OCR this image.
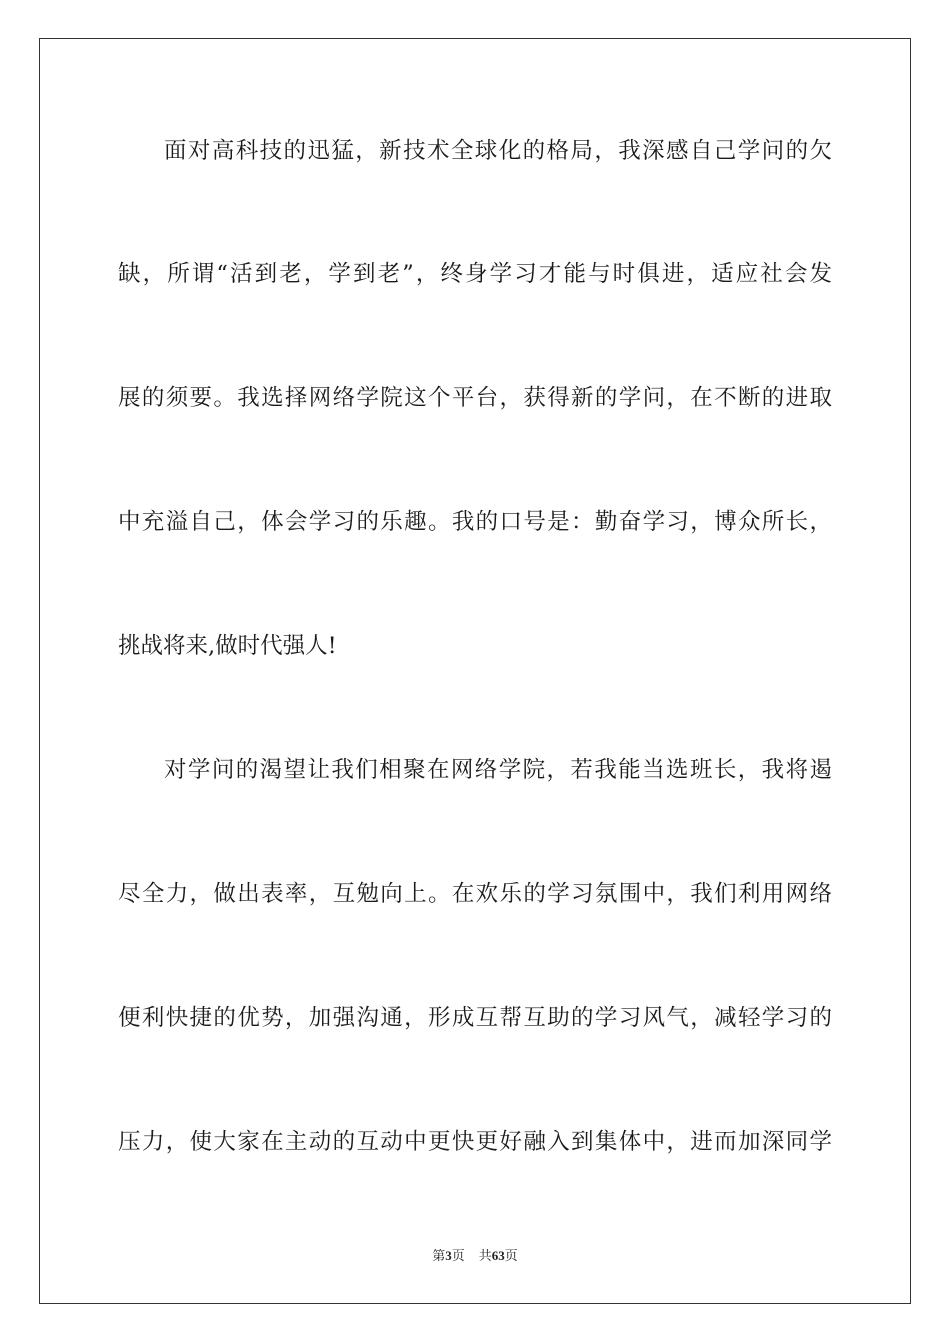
面对高科技的迅猛，新技术全球化的格局，我深感自己学问的欠
缺，所谓“活到老，学到老”，终身学习才能与时俱进，适应社会发
展的须要。我选择网络学院这个平台，获得新的学问，在不断的进取
中充溢自己，体会学习的乐趣。我的口号是：勤奋学习，博众所长，
挑战将来,做时代强人!
对学问的渴望让我们相聚在网络学院，若我能当选班长，我将遏
尽全力，做出表率，互勉向上。在欢乐的学习氛围中，我们利用网络
便利快捷的优势，加强沟通，形成互帮互助的学习风气，减轻学习的
压力，使大家在主动的互动中更快更好融入到集体中，进而加深同学
第3页 共63页
